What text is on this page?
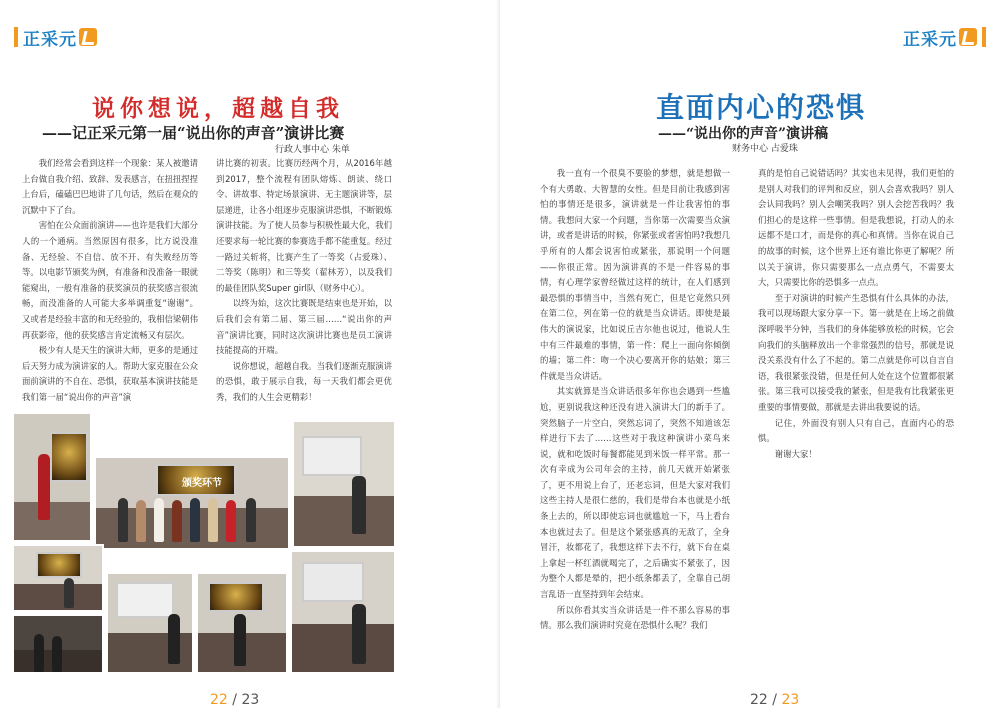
正采元
说你想说，超越自我
——记正采元第一届“说出你的声音”演讲比赛
行政人事中心 朱单

我们经常会看到这样一个现象：某人被邀请上台做自我介绍、致辞、发表感言，在扭扭捏捏上台后，磕磕巴巴地讲了几句话，然后在观众的沉默中下了台。

害怕在公众面前演讲——也许是我们大部分人的一个通病。当然原因有很多，比方说没准备、无经验、不自信、放不开、有失败经历等等。以电影节颁奖为例，有准备和没准备一眼就能窥出，一般有准备的获奖演员的获奖感言很流畅，而没准备的人可能大多举调重复“谢谢”。又或者是经验丰富的和无经验的，我相信梁朝伟再获影帝，他的获奖感言肯定流畅又有层次。

极少有人是天生的演讲大师，更多的是通过后天努力成为演讲家的人。帮助大家克服在公众面前演讲的不自在、恐惧，获取基本演讲技能是我们第一届“说出你的声音”演

讲比赛的初衷。比赛历经两个月，从2016年越到2017，整个流程有团队熔炼、朗读、绕口令、讲故事、特定场景演讲、无主题演讲等，层层递进，让各小组逐步克服演讲恐惧，不断锻炼演讲技能。为了使人员参与积极性最大化，我们还要求每一轮比赛的参赛选手都不能重复。经过一路过关斩将，比赛产生了一等奖（占爱珠）、二等奖（陈明）和三等奖（翟林芳），以及我们的最佳团队奖Super girl队（财务中心）。

以终为始，这次比赛既是结束也是开始，以后我们会有第二届、第三届……“说出你的声音”演讲比赛，同时这次演讲比赛也是员工演讲技能提高的开端。

说你想说，超越自我。当我们逐渐克服演讲的恐惧，敢于展示自我，每一天我们都会更优秀，我们的人生会更精彩！

颁奖环节
22 / 23
正采元
直面内心的恐惧
——“说出你的声音”演讲稿
财务中心 占爱珠

我一直有一个很臭不要脸的梦想，就是想做一个有大勇敢、大智慧的女性。但是目前让我感到害怕的事情还是很多，演讲就是一件让我害怕的事情。我想问大家一个问题，当你第一次需要当众演讲，或者是讲话的时候，你紧张或者害怕吗?我想几乎所有的人都会说害怕或紧张，那说明一个问题——你很正常。因为演讲真的不是一件容易的事情，有心理学家曾经做过这样的统计，在人们感到最恐惧的事情当中，当然有死亡，但是它竟然只列在第二位，列在第一位的就是当众讲话。即使是最伟大的演说家，比如说丘吉尔他也说过，他说人生中有三件最难的事情，第一件：爬上一面向你倾倒的墙；第二件：吻一个决心要离开你的姑娘；第三件就是当众讲话。

其实就算是当众讲话很多年你也会遇到一些尴尬，更别说我这种还没有进入演讲大门的新手了。突然脑子一片空白，突然忘词了，突然不知道该怎样进行下去了……这些对于我这种演讲小菜鸟来说，就和吃饭时每餐都能见到米饭一样平常。那一次有幸成为公司年会的主持，前几天就开始紧张了，更不用说上台了，还老忘词，但是大家对我们这些主持人是很仁慈的，我们是带台本也就是小纸条上去的，所以即使忘词也就尴尬一下，马上看台本也就过去了。但是这个紧张感真的无敌了，全身冒汗，妆都花了，我想这样下去不行，就下台在桌上拿起一杯红酒就喝完了，之后确实不紧张了，因为整个人都是晕的，把小纸条都丢了，全靠自己胡言乱语一直坚持到年会结束。

所以你看其实当众讲话是一件不那么容易的事情。那么我们演讲时究竟在恐惧什么呢？我们

真的是怕自己说错话吗？其实也未见得，我们更怕的是别人对我们的评判和反应，别人会喜欢我吗？别人会认同我吗？别人会嘲笑我吗？别人会挖苦我吗？我们担心的是这样一些事情。但是我想说，打动人的永远都不是口才，而是你的真心和真情。当你在说自己的故事的时候，这个世界上还有谁比你更了解呢？所以关于演讲，你只需要那么一点点勇气，不需要太大，只需要比你的恐惧多一点点。

至于对演讲的时候产生恐惧有什么具体的办法，我可以现场跟大家分享一下。第一就是在上场之前做深呼吸半分钟，当我们的身体能够放松的时候，它会向我们的头脑释放出一个非常强烈的信号，那就是说没关系没有什么了不起的。第二点就是你可以自言自语，我很紧张没错，但是任何人处在这个位置都很紧张。第三我可以接受我的紧张，但是我有比我紧张更重要的事情要做，那就是去讲出我要说的话。

记住，外面没有别人只有自己，直面内心的恐惧。

谢谢大家！

22 / 23
